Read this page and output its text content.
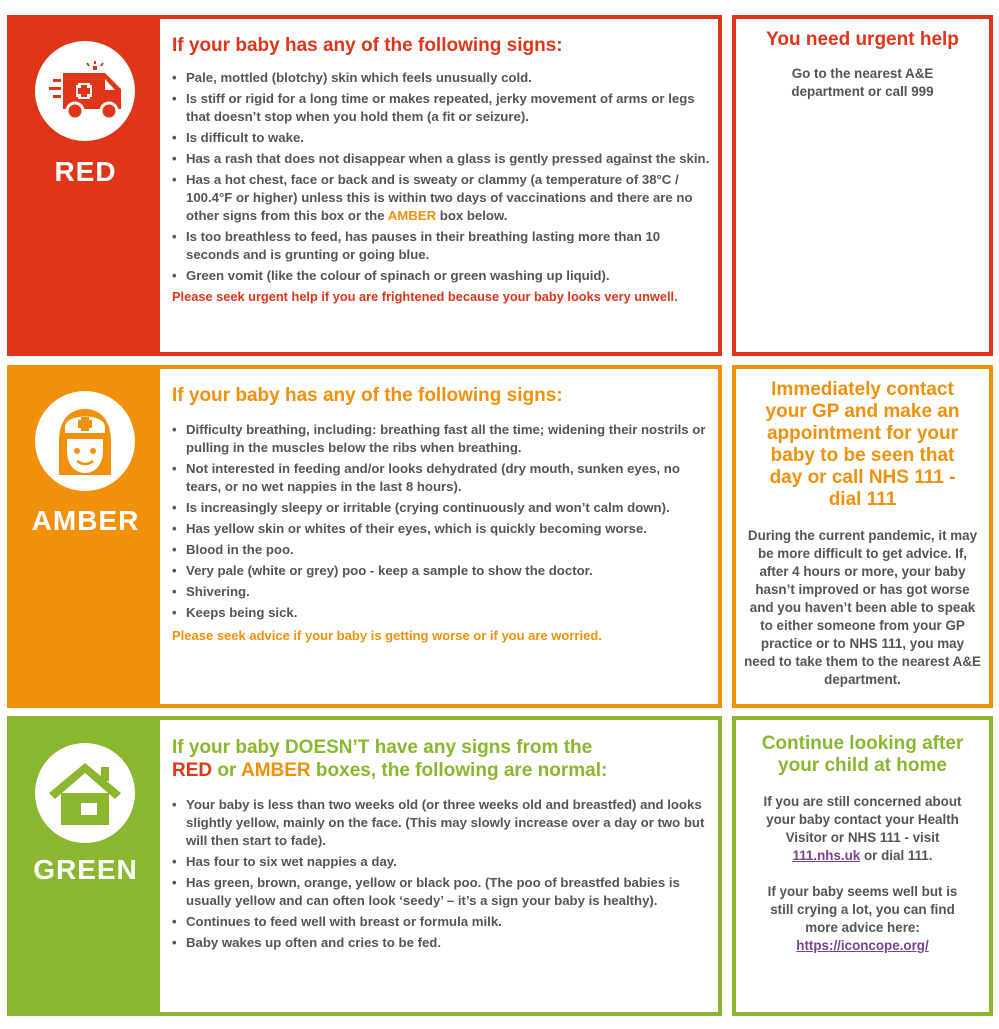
RED
If your baby has any of the following signs:
• Pale, mottled (blotchy) skin which feels unusually cold.
• Is stiff or rigid for a long time or makes repeated, jerky movement of arms or legs that doesn’t stop when you hold them (a fit or seizure).
• Is difficult to wake.
• Has a rash that does not disappear when a glass is gently pressed against the skin.
• Has a hot chest, face or back and is sweaty or clammy (a temperature of 38°C / 100.4°F or higher) unless this is within two days of vaccinations and there are no other signs from this box or the AMBER box below.
• Is too breathless to feed, has pauses in their breathing lasting more than 10 seconds and is grunting or going blue.
• Green vomit (like the colour of spinach or green washing up liquid).
Please seek urgent help if you are frightened because your baby looks very unwell.
You need urgent help
Go to the nearest A&E department or call 999
AMBER
If your baby has any of the following signs:
• Difficulty breathing, including: breathing fast all the time; widening their nostrils or pulling in the muscles below the ribs when breathing.
• Not interested in feeding and/or looks dehydrated (dry mouth, sunken eyes, no tears, or no wet nappies in the last 8 hours).
• Is increasingly sleepy or irritable (crying continuously and won’t calm down).
• Has yellow skin or whites of their eyes, which is quickly becoming worse.
• Blood in the poo.
• Very pale (white or grey) poo - keep a sample to show the doctor.
• Shivering.
• Keeps being sick.
Please seek advice if your baby is getting worse or if you are worried.
Immediately contact your GP and make an appointment for your baby to be seen that day or call NHS 111 - dial 111
During the current pandemic, it may be more difficult to get advice. If, after 4 hours or more, your baby hasn’t improved or has got worse and you haven’t been able to speak to either someone from your GP practice or to NHS 111, you may need to take them to the nearest A&E department.
GREEN
If your baby DOESN’T have any signs from the
RED or AMBER boxes, the following are normal:
• Your baby is less than two weeks old (or three weeks old and breastfed) and looks slightly yellow, mainly on the face. (This may slowly increase over a day or two but will then start to fade).
• Has four to six wet nappies a day.
• Has green, brown, orange, yellow or black poo. (The poo of breastfed babies is usually yellow and can often look ‘seedy’ – it’s a sign your baby is healthy).
• Continues to feed well with breast or formula milk.
• Baby wakes up often and cries to be fed.
Continue looking after your child at home
If you are still concerned about your baby contact your Health Visitor or NHS 111 - visit 111.nhs.uk or dial 111.
If your baby seems well but is still crying a lot, you can find more advice here:
https://iconcope.org/
